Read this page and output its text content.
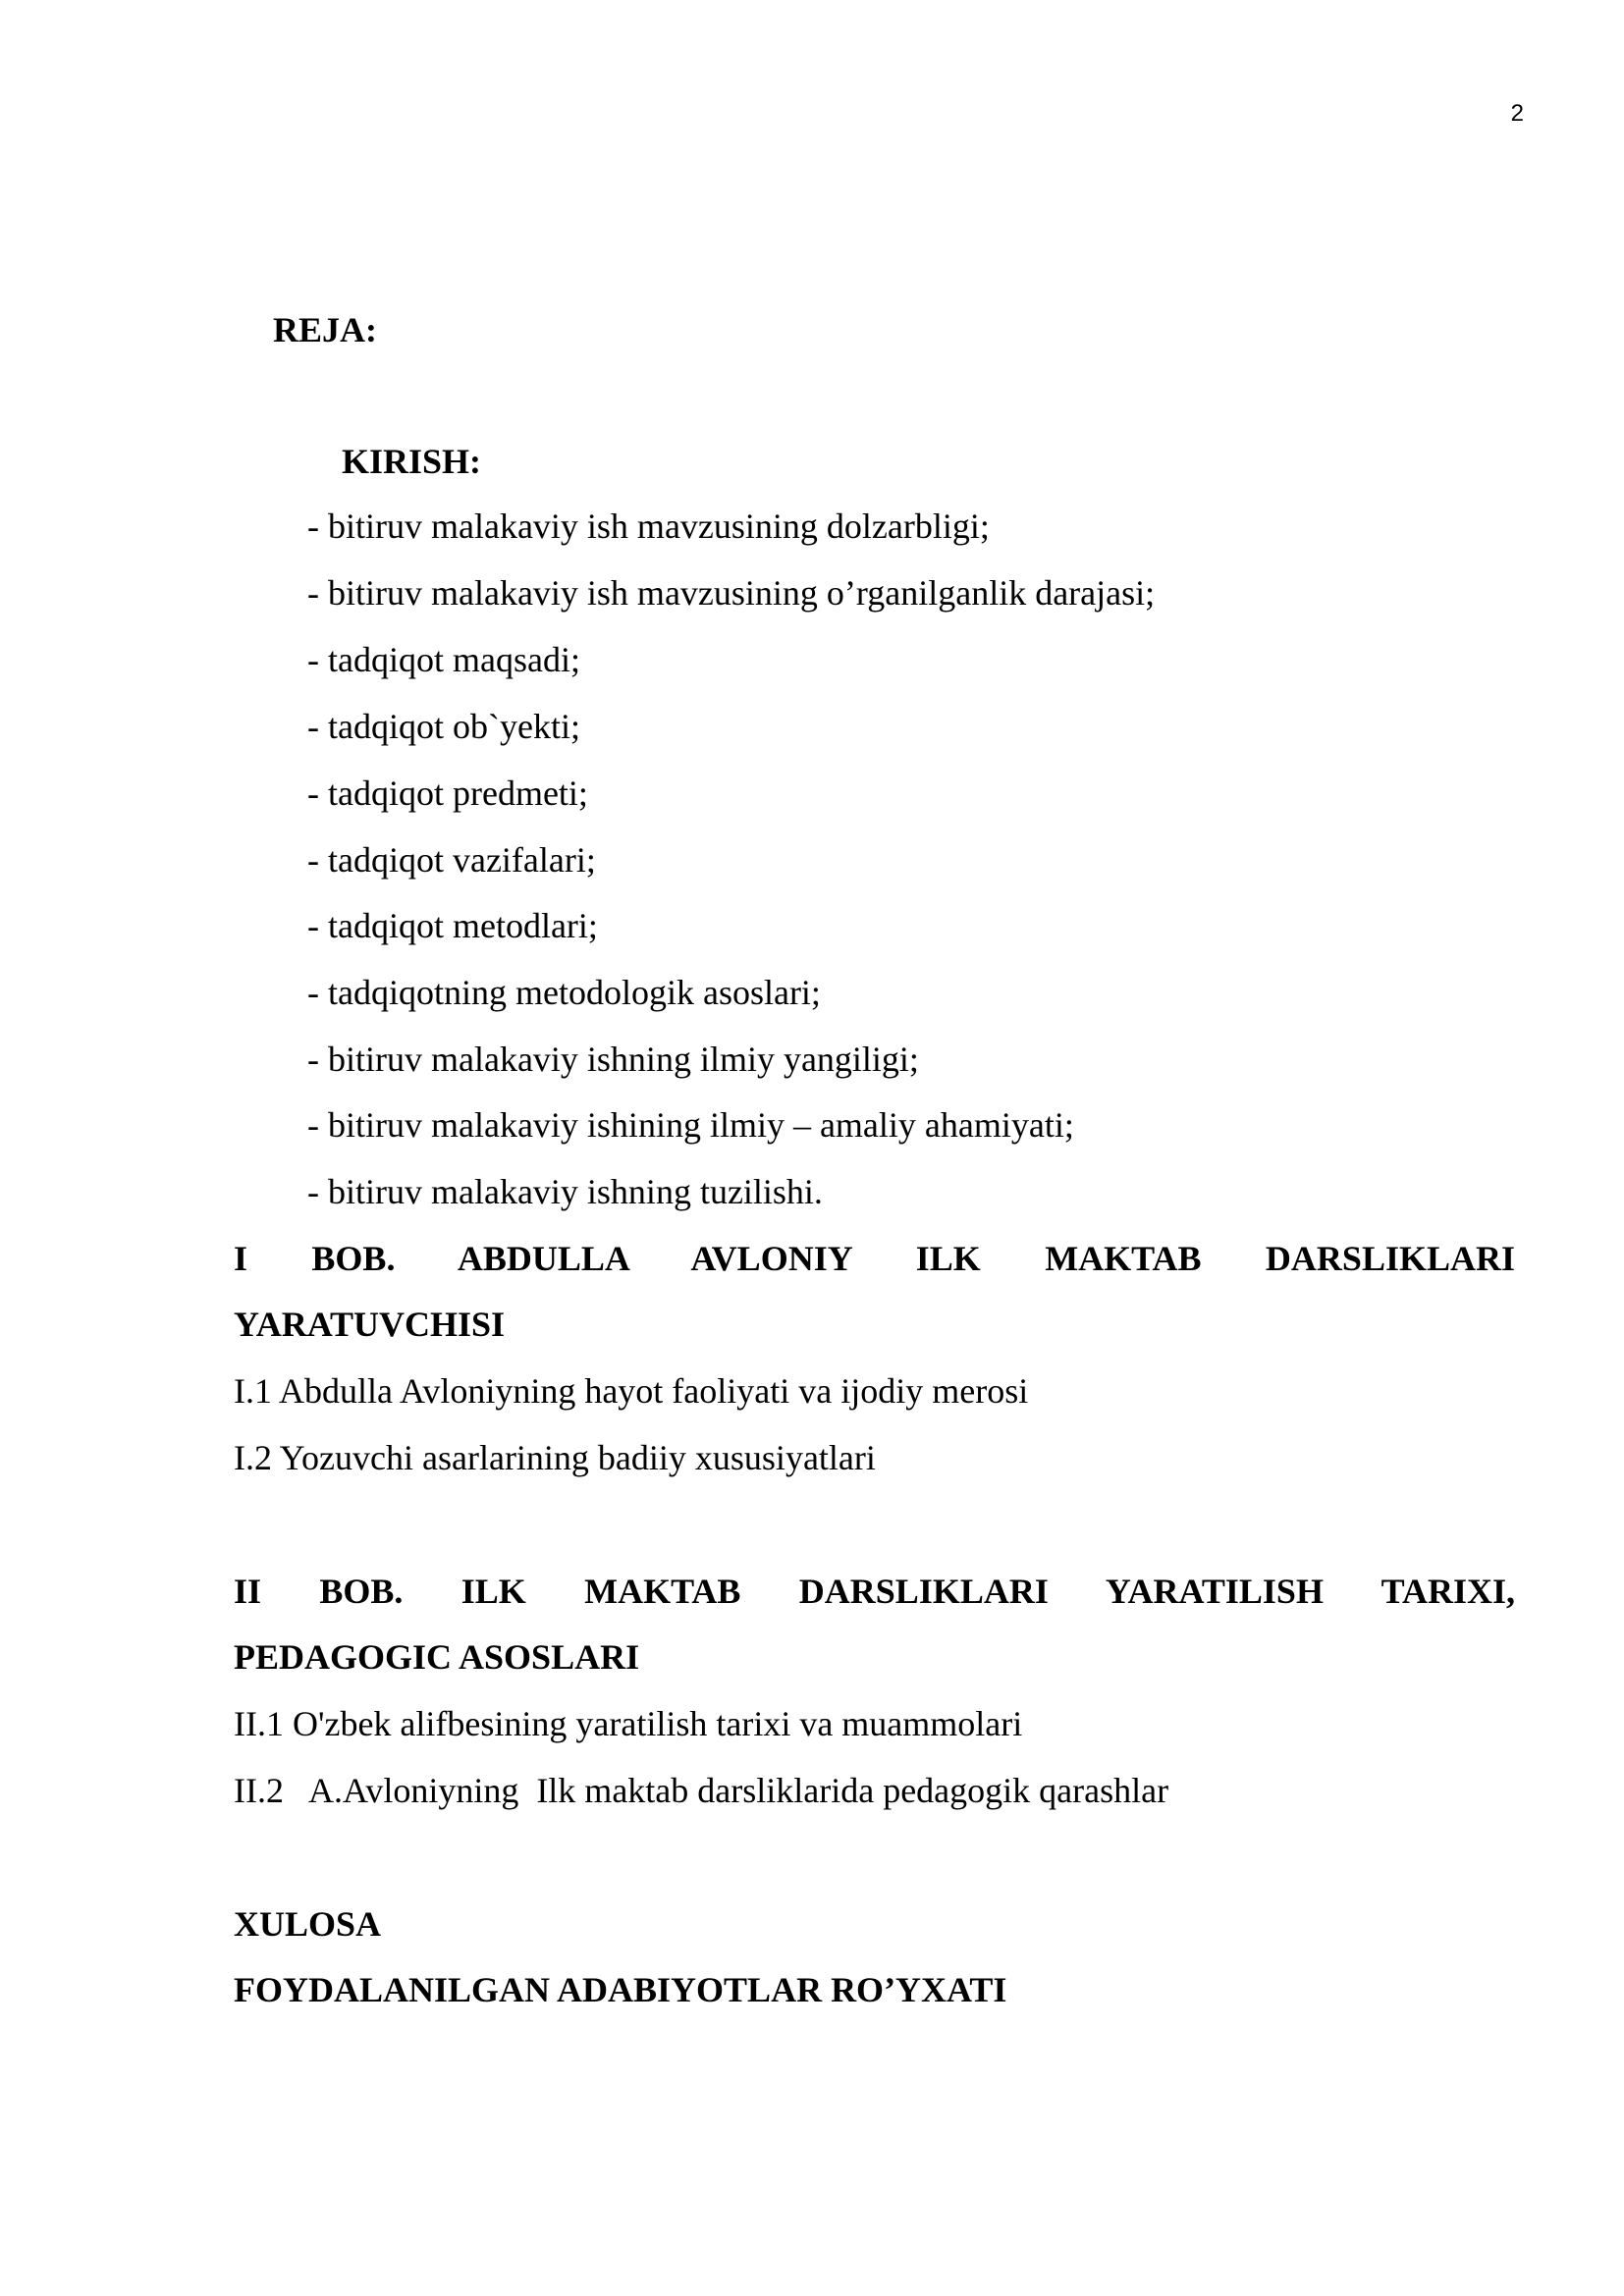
2
REJA:
KIRISH:
- bitiruv malakaviy ish mavzusining dolzarbligi;
- bitiruv malakaviy ish mavzusining o’rganilganlik darajasi;
- tadqiqot maqsadi;
- tadqiqot ob`yekti;
- tadqiqot predmeti;
- tadqiqot vazifalari;
- tadqiqot metodlari;
- tadqiqotning metodologik asoslari;
- bitiruv malakaviy ishning ilmiy yangiligi;
- bitiruv malakaviy ishining ilmiy – amaliy ahamiyati;
- bitiruv malakaviy ishning tuzilishi.
I BOB. ABDULLA AVLONIY ILK MAKTAB DARSLIKLARI
YARATUVCHISI
I.1 Abdulla Avloniyning hayot faoliyati va ijodiy merosi
I.2 Yozuvchi asarlarining badiiy xususiyatlari
II BOB. ILK MAKTAB DARSLIKLARI YARATILISH TARIXI,
PEDAGOGIC ASOSLARI
II.1 O'zbek alifbesining yaratilish tarixi va muammolari
II.2   A.Avloniyning  Ilk maktab darsliklarida pedagogik qarashlar
XULOSA
FOYDALANILGAN ADABIYOTLAR RO’YXATI
